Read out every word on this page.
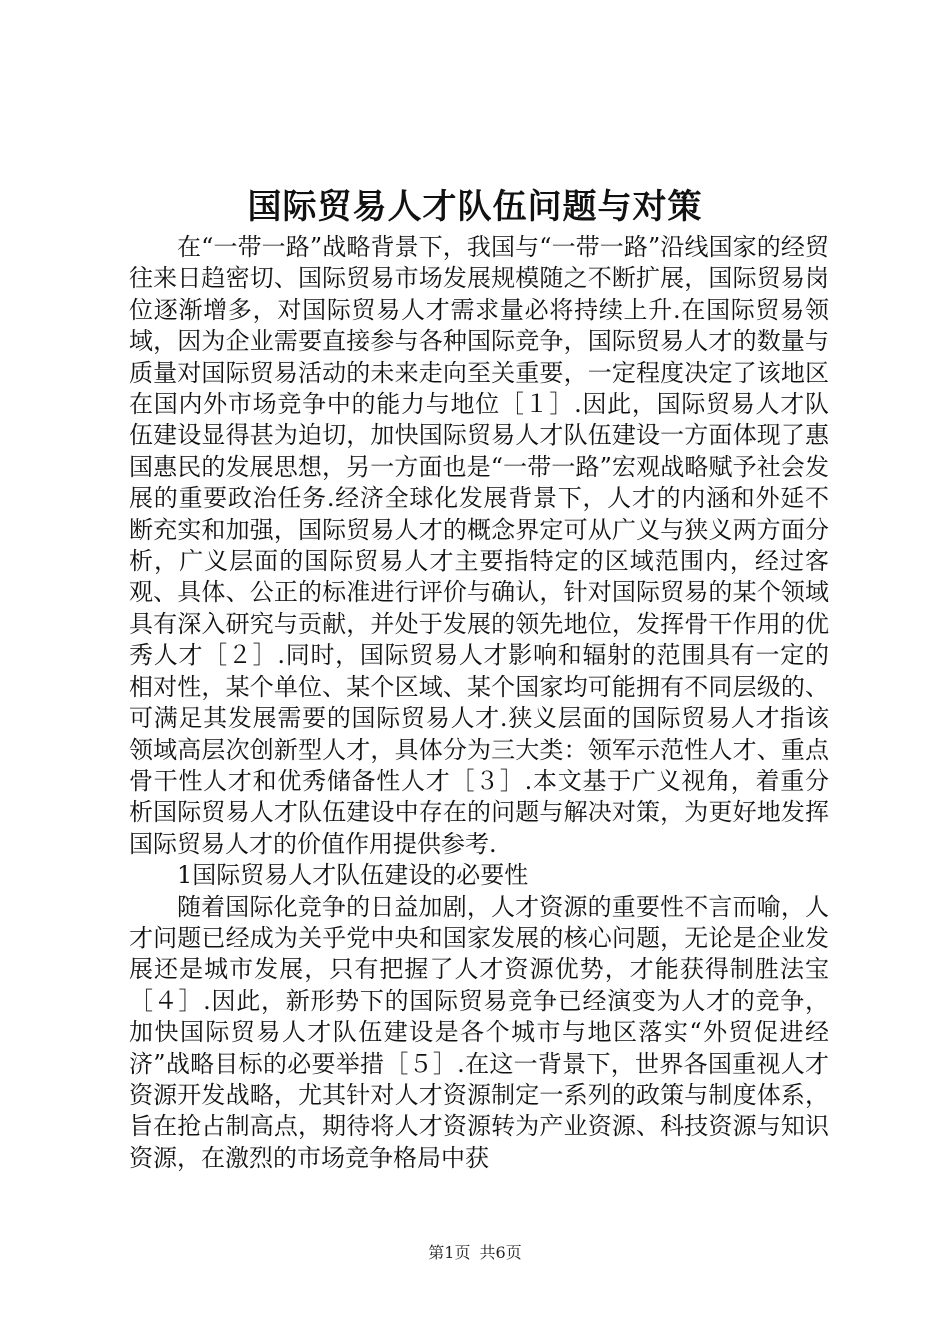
国际贸易人才队伍问题与对策

在“一带一路”战略背景下，我国与“一带一路”沿线国家的经贸往来日趋密切、国际贸易市场发展规模随之不断扩展，国际贸易岗位逐渐增多，对国际贸易人才需求量必将持续上升.在国际贸易领域，因为企业需要直接参与各种国际竞争，国际贸易人才的数量与质量对国际贸易活动的未来走向至关重要，一定程度决定了该地区在国内外市场竞争中的能力与地位［１］.因此，国际贸易人才队伍建设显得甚为迫切，加快国际贸易人才队伍建设一方面体现了惠国惠民的发展思想，另一方面也是“一带一路”宏观战略赋予社会发展的重要政治任务.经济全球化发展背景下，人才的内涵和外延不断充实和加强，国际贸易人才的概念界定可从广义与狭义两方面分析，广义层面的国际贸易人才主要指特定的区域范围内，经过客观、具体、公正的标准进行评价与确认，针对国际贸易的某个领域具有深入研究与贡献，并处于发展的领先地位，发挥骨干作用的优秀人才［２］.同时，国际贸易人才影响和辐射的范围具有一定的相对性，某个单位、某个区域、某个国家均可能拥有不同层级的、可满足其发展需要的国际贸易人才.狭义层面的国际贸易人才指该领域高层次创新型人才，具体分为三大类：领军示范性人才、重点骨干性人才和优秀储备性人才［３］.本文基于广义视角，着重分析国际贸易人才队伍建设中存在的问题与解决对策，为更好地发挥国际贸易人才的价值作用提供参考.

1国际贸易人才队伍建设的必要性

随着国际化竞争的日益加剧，人才资源的重要性不言而喻，人才问题已经成为关乎党中央和国家发展的核心问题，无论是企业发展还是城市发展，只有把握了人才资源优势，才能获得制胜法宝［４］.因此，新形势下的国际贸易竞争已经演变为人才的竞争，加快国际贸易人才队伍建设是各个城市与地区落实“外贸促进经济”战略目标的必要举措［５］.在这一背景下，世界各国重视人才资源开发战略，尤其针对人才资源制定一系列的政策与制度体系，旨在抢占制高点，期待将人才资源转为产业资源、科技资源与知识资源，在激烈的市场竞争格局中获

第1页 共6页
